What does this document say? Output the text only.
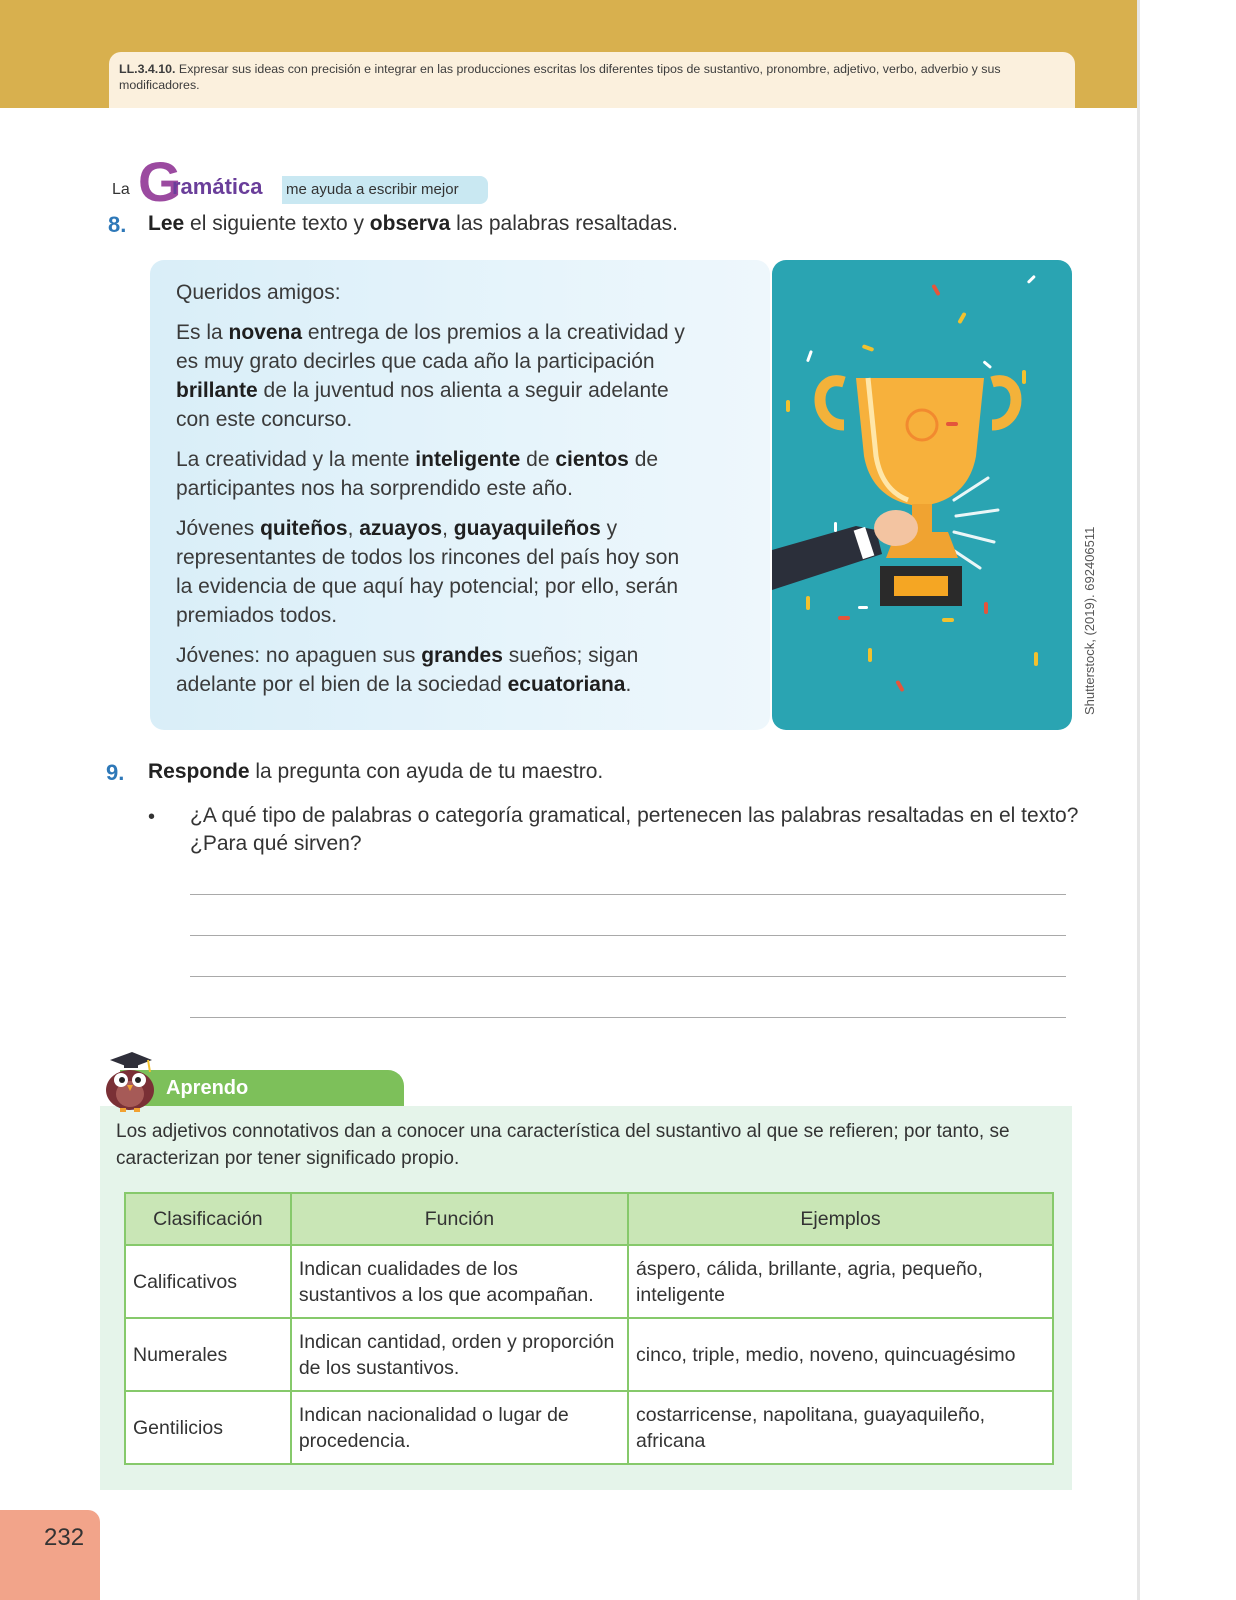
LL.3.4.10. Expresar sus ideas con precisión e integrar en las producciones escritas los diferentes tipos de sustantivo, pronombre, adjetivo, verbo, adverbio y sus modificadores.
La G
ramática me ayuda a escribir mejor
8. Lee el siguiente texto y observa las palabras resaltadas.

Queridos amigos:

Es la novena entrega de los premios a la creatividad y es muy grato decirles que cada año la participación brillante de la juventud nos alienta a seguir adelante con este concurso.

La creatividad y la mente inteligente de cientos de participantes nos ha sorprendido este año.

Jóvenes quiteños, azuayos, guayaquileños y representantes de todos los rincones del país hoy son la evidencia de que aquí hay potencial; por ello, serán premiados todos.

Jóvenes: no apaguen sus grandes sueños; sigan adelante por el bien de la sociedad ecuatoriana.	Shutterstock, (2019). 692406511
9. Responde la pregunta con ayuda de tu maestro.
• ¿A qué tipo de palabras o categoría gramatical, pertenecen las palabras resaltadas en el texto? ¿Para qué sirven?
Aprendo
Los adjetivos connotativos dan a conocer una característica del sustantivo al que se refieren; por tanto, se caracterizan por tener significado propio.
Clasificación	Función	Ejemplos
Calificativos	Indican cualidades de los sustantivos a los que acompañan.	áspero, cálida, brillante, agria, pequeño, inteligente
Numerales	Indican cantidad, orden y proporción de los sustantivos.	cinco, triple, medio, noveno, quincuagésimo
Gentilicios	Indican nacionalidad o lugar de procedencia.	costarricense, napolitana, guayaquileño, africana
232
